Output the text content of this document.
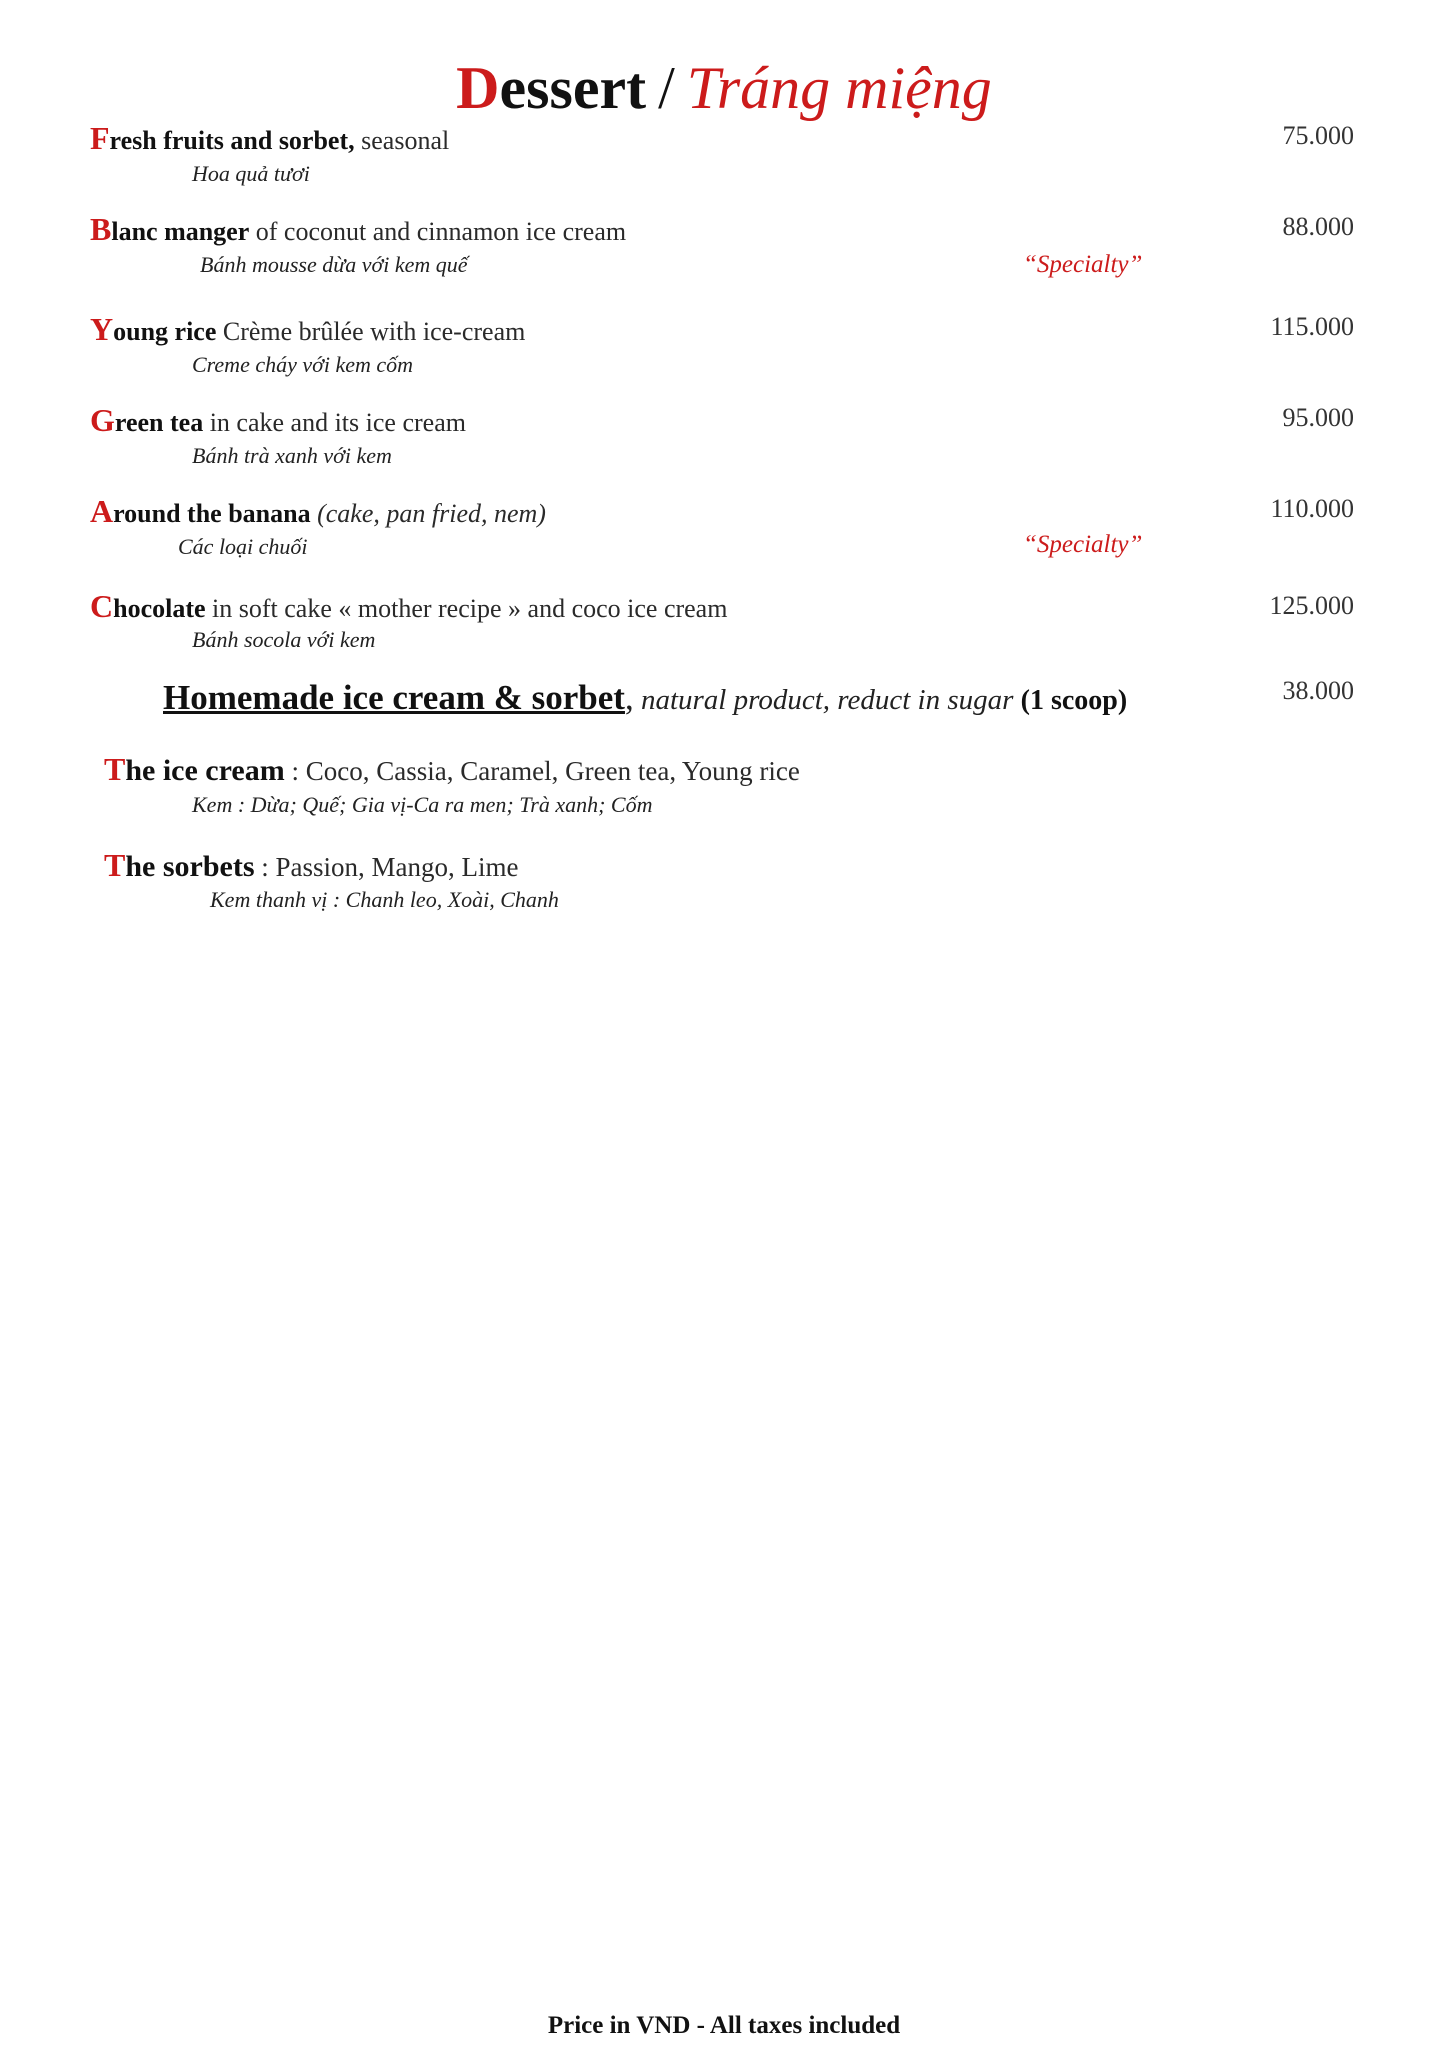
Dessert / Tráng miệng
Fresh fruits and sorbet, seasonal
Hoa quả tươi
75.000
Blanc manger of coconut and cinnamon ice cream
Bánh mousse dừa với kem quế
88.000
“Specialty”
Young rice Crème brûlée with ice-cream
Creme cháy với kem cốm
115.000
Green tea in cake and its ice cream
Bánh trà xanh với kem
95.000
Around the banana (cake, pan fried, nem)
Các loại chuối
110.000
“Specialty”
Chocolate in soft cake « mother recipe » and coco ice cream
Bánh socola với kem
125.000
Homemade ice cream & sorbet, natural product, reduct in sugar (1 scoop)	38.000
The ice cream : Coco, Cassia, Caramel, Green tea, Young rice
Kem : Dừa; Quế; Gia vị-Ca ra men; Trà xanh; Cốm
The sorbets : Passion, Mango, Lime
Kem thanh vị : Chanh leo, Xoài, Chanh
Price in VND - All taxes included
